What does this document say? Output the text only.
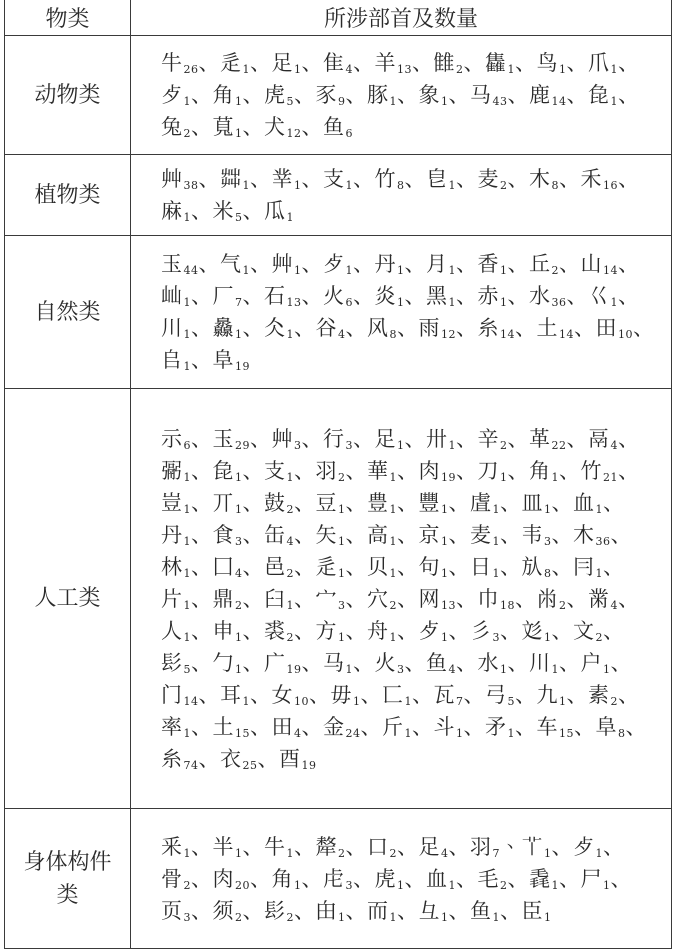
物类	所涉部首及数量
动物类	牛$_{26}$、辵$_1$、足$_1$、隹$_4$、羊$_{13}$、雔$_2$、雥$_1$、鸟$_1$、爪$_1$、歺$_1$、角$_1$、虎$_5$、豕$_9$、豚$_1$、象$_1$、马$_{43}$、鹿$_{14}$、㲋$_1$、兔$_2$、萈$_1$、犬$_{12}$、鱼$_6$
植物类	艸$_{38}$、茻$_1$、丵$_1$、支$_1$、竹$_8$、皀$_1$、麦$_2$、木$_8$、禾$_{16}$、麻$_1$、米$_5$、瓜$_1$
自然类	玉$_{44}$、气$_1$、艸$_1$、歺$_1$、丹$_1$、月$_1$、香$_1$、丘$_2$、山$_{14}$、屾$_1$、厂$_7$、石$_{13}$、火$_6$、炎$_1$、黑$_1$、赤$_1$、水$_{36}$、巜$_1$、川$_1$、灥$_1$、仌$_1$、谷$_4$、风$_8$、雨$_{12}$、糸$_{14}$、土$_{14}$、田$_{10}$、𠂤$_1$、阜$_{19}$
人工类	示$_6$、玉$_{29}$、艸$_3$、行$_3$、足$_1$、卅$_1$、辛$_2$、革$_{22}$、鬲$_4$、䰜$_1$、㲋$_1$、支$_1$、羽$_2$、華$_1$、肉$_{19}$、刀$_1$、角$_1$、竹$_{21}$、豈$_1$、丌$_1$、鼓$_2$、豆$_1$、豊$_1$、豐$_1$、虘$_1$、皿$_1$、血$_1$、丹$_1$、食$_3$、缶$_4$、矢$_1$、高$_1$、京$_1$、麦$_1$、韦$_3$、木$_{36}$、林$_1$、囗$_4$、邑$_2$、辵$_1$、贝$_1$、句$_1$、日$_1$、㫃$_8$、冃$_1$、片$_1$、鼎$_2$、臼$_1$、宀$_3$、穴$_2$、网$_{13}$、巾$_{18}$、㡀$_2$、黹$_4$、人$_1$、申$_1$、裘$_2$、方$_1$、舟$_1$、歺$_1$、彡$_3$、彣$_1$、文$_2$、髟$_5$、勹$_1$、广$_{19}$、马$_1$、火$_3$、鱼$_4$、水$_1$、川$_1$、户$_1$、门$_{14}$、耳$_1$、女$_{10}$、毋$_1$、匸$_1$、瓦$_7$、弓$_5$、九$_1$、素$_2$、率$_1$、土$_{15}$、田$_4$、金$_{24}$、斤$_1$、斗$_1$、矛$_1$、车$_{15}$、阜$_8$、糸$_{74}$、衣$_{25}$、酉$_{19}$
身体构件类	釆$_1$、半$_1$、牛$_1$、犛$_2$、口$_2$、足$_4$、羽$_7$、𦫳$_1$、歺$_1$、骨$_2$、肉$_{20}$、角$_1$、虍$_3$、虎$_1$、血$_1$、毛$_2$、毳$_1$、尸$_1$、页$_3$、须$_2$、髟$_2$、甶$_1$、而$_1$、彑$_1$、鱼$_1$、臣$_1$
